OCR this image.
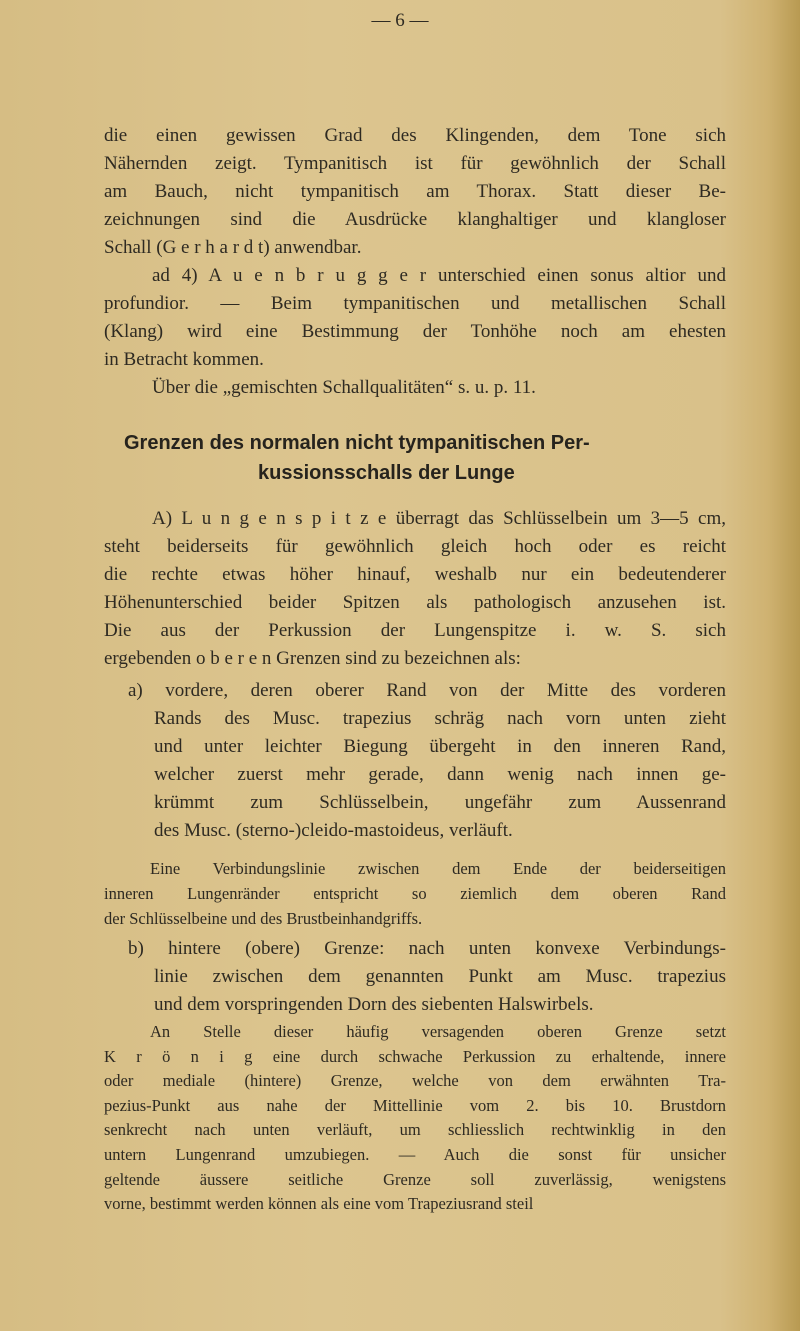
— 6 —
Grenzen des normalen nicht tympanitischen Per-
kussionsschalls der Lunge
die einen gewissen Grad des Klingenden, dem Tone sich
Nähernden zeigt. Tympanitisch ist für gewöhnlich der Schall
am Bauch, nicht tympanitisch am Thorax. Statt dieser Be-
zeichnungen sind die Ausdrücke klanghaltiger und klangloser
Schall (G e r h a r d t) anwendbar.
ad 4) A u e n b r u g g e r unterschied einen sonus altior und
profundior. — Beim tympanitischen und metallischen Schall
(Klang) wird eine Bestimmung der Tonhöhe noch am ehesten
in Betracht kommen.
Über die „gemischten Schallqualitäten“ s. u. p. 11.
A) L u n g e n s p i t z e überragt das Schlüsselbein um 3—5 cm,
steht beiderseits für gewöhnlich gleich hoch oder es reicht
die rechte etwas höher hinauf, weshalb nur ein bedeutenderer
Höhenunterschied beider Spitzen als pathologisch anzusehen ist.
Die aus der Perkussion der Lungenspitze i. w. S. sich
ergebenden o b e r e n Grenzen sind zu bezeichnen als:
a) vordere, deren oberer Rand von der Mitte des vorderen
Rands des Musc. trapezius schräg nach vorn unten zieht
und unter leichter Biegung übergeht in den inneren Rand,
welcher zuerst mehr gerade, dann wenig nach innen ge-
krümmt zum Schlüsselbein, ungefähr zum Aussenrand
des Musc. (sterno-)cleido-mastoideus, verläuft.
Eine Verbindungslinie zwischen dem Ende der beiderseitigen
inneren Lungenränder entspricht so ziemlich dem oberen Rand
der Schlüsselbeine und des Brustbeinhandgriffs.
b) hintere (obere) Grenze: nach unten konvexe Verbindungs-
linie zwischen dem genannten Punkt am Musc. trapezius
und dem vorspringenden Dorn des siebenten Halswirbels.
An Stelle dieser häufig versagenden oberen Grenze setzt
K r ö n i g eine durch schwache Perkussion zu erhaltende, innere
oder mediale (hintere) Grenze, welche von dem erwähnten Tra-
pezius-Punkt aus nahe der Mittellinie vom 2. bis 10. Brustdorn
senkrecht nach unten verläuft, um schliesslich rechtwinklig in den
untern Lungenrand umzubiegen. — Auch die sonst für unsicher
geltende äussere seitliche Grenze soll zuverlässig, wenigstens
vorne, bestimmt werden können als eine vom Trapeziusrand steil
